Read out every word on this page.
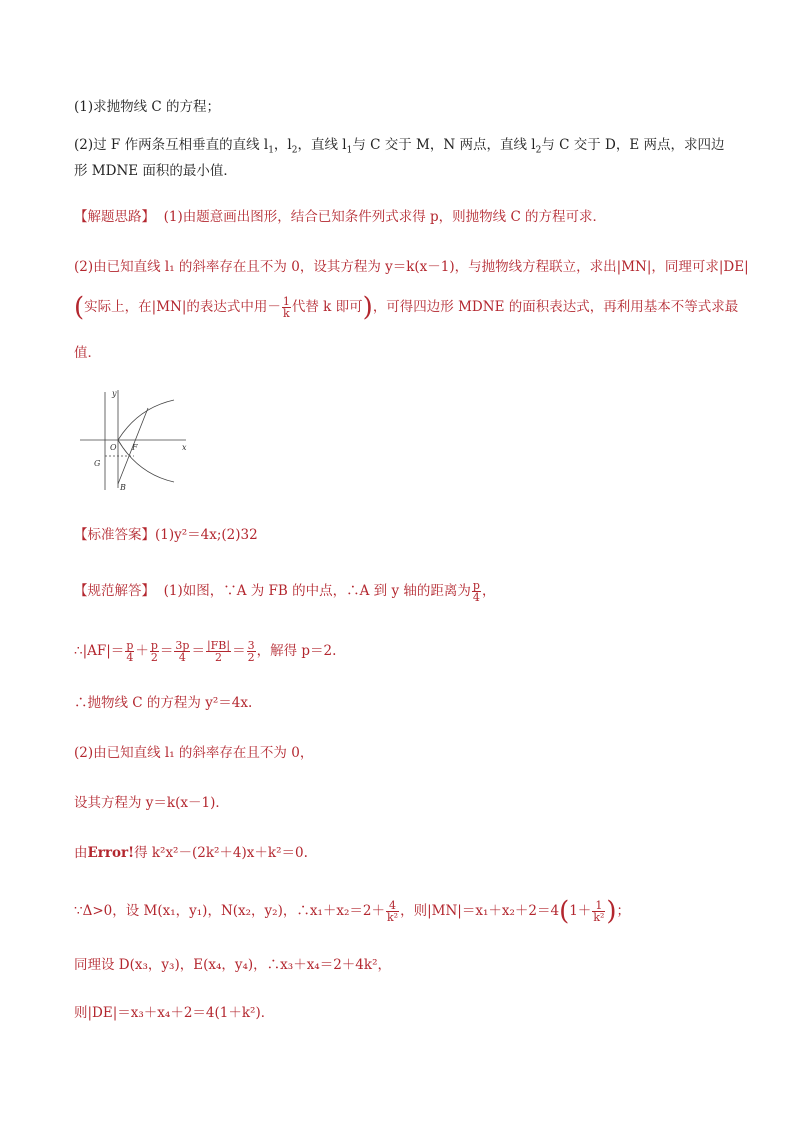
(1)求抛物线 C 的方程；
(2)过 F 作两条互相垂直的直线 $l_1$，$l_2$，直线 $l_1$与 C 交于 M，N 两点，直线 $l_2$与 C 交于 D，E 两点，求四边
形 MDNE 面积的最小值．
【解题思路】 (1)由题意画出图形，结合已知条件列式求得 p，则抛物线 C 的方程可求．
(2)由已知直线 l₁ 的斜率存在且不为 0，设其方程为 y＝k(x－1)，与抛物线方程联立，求出|MN|，同理可求|DE|
(实际上，在|MN|的表达式中用－ $\frac{1}{k}$ 代替 k 即可)，可得四边形 MDNE 的面积表达式，再利用基本不等式求最
值．
y
x
O F
G
B
【标准答案】(1)y²＝4x;(2)32
【规范解答】 (1)如图，∵A 为 FB 的中点，∴A 到 y 轴的距离为 $\frac{p}{4}$ ，
∴|AF|＝ $\frac{p}{4} + \frac{p}{2} = \frac{3p}{4} = \frac{|FB|}{2} = \frac{3}{2}$ ，解得 p＝2.
∴抛物线 C 的方程为 y²＝4x.
(2)由已知直线 l₁ 的斜率存在且不为 0，
设其方程为 y＝k(x－1)．
由Error!得 k²x²－(2k²＋4)x＋k²＝0.
∵Δ>0，设 M(x₁，y₁)，N(x₂，y₂)，∴x₁＋x₂＝2＋ $\frac{4}{\text{k²}}$ ，则$|MN|=x_1+x_2+2=4(1+ \frac{1}{\text{k²}}$ )；
同理设 D(x₃，y₃)，E(x₄，y₄)，∴x₃＋x₄＝2＋4k²，
则|DE|＝x₃＋x₄＋2＝4(1＋k²)．
